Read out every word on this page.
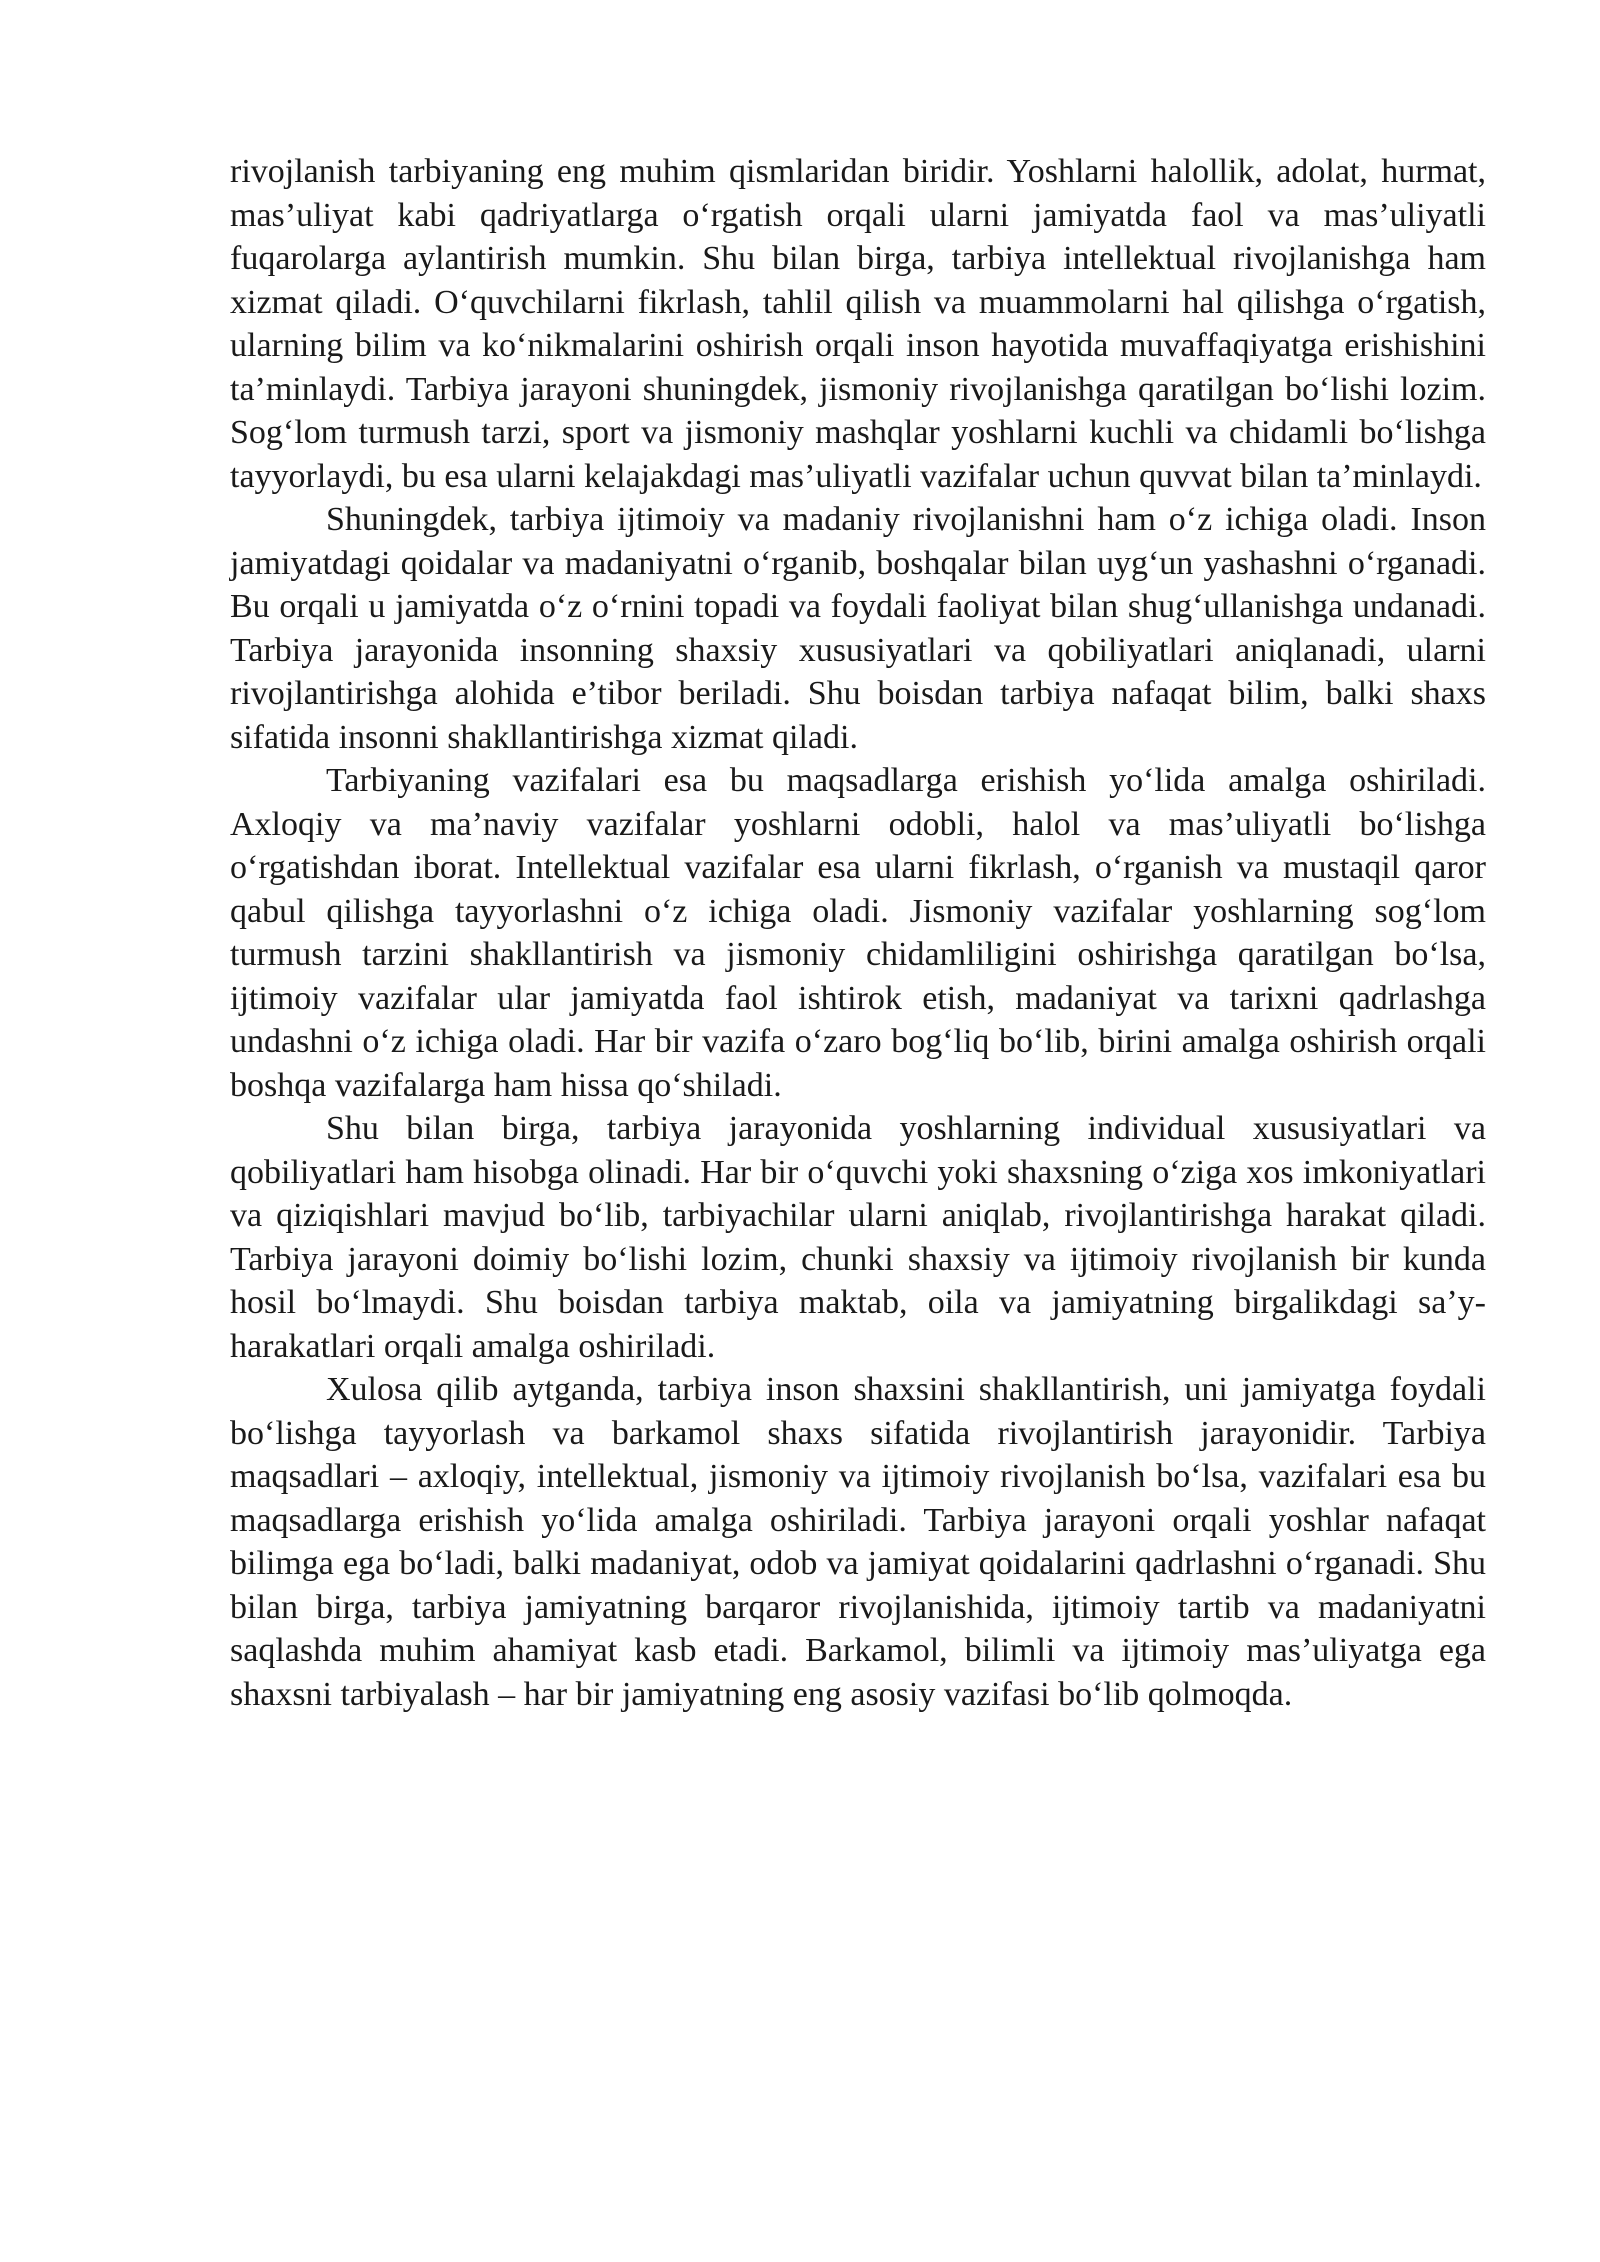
rivojlanish tarbiyaning eng muhim qismlaridan biridir. Yoshlarni halollik, adolat, hurmat, mas’uliyat kabi qadriyatlarga o‘rgatish orqali ularni jamiyatda faol va mas’uliyatli fuqarolarga aylantirish mumkin. Shu bilan birga, tarbiya intellektual rivojlanishga ham xizmat qiladi. O‘quvchilarni fikrlash, tahlil qilish va muammolarni hal qilishga o‘rgatish, ularning bilim va ko‘nikmalarini oshirish orqali inson hayotida muvaffaqiyatga erishishini ta’minlaydi. Tarbiya jarayoni shuningdek, jismoniy rivojlanishga qaratilgan bo‘lishi lozim. Sog‘lom turmush tarzi, sport va jismoniy mashqlar yoshlarni kuchli va chidamli bo‘lishga tayyorlaydi, bu esa ularni kelajakdagi mas’uliyatli vazifalar uchun quvvat bilan ta’minlaydi.

Shuningdek, tarbiya ijtimoiy va madaniy rivojlanishni ham o‘z ichiga oladi. Inson jamiyatdagi qoidalar va madaniyatni o‘rganib, boshqalar bilan uyg‘un yashashni o‘rganadi. Bu orqali u jamiyatda o‘z o‘rnini topadi va foydali faoliyat bilan shug‘ullanishga undanadi. Tarbiya jarayonida insonning shaxsiy xususiyatlari va qobiliyatlari aniqlanadi, ularni rivojlantirishga alohida e’tibor beriladi. Shu boisdan tarbiya nafaqat bilim, balki shaxs sifatida insonni shakllantirishga xizmat qiladi.

Tarbiyaning vazifalari esa bu maqsadlarga erishish yo‘lida amalga oshiriladi. Axloqiy va ma’naviy vazifalar yoshlarni odobli, halol va mas’uliyatli bo‘lishga o‘rgatishdan iborat. Intellektual vazifalar esa ularni fikrlash, o‘rganish va mustaqil qaror qabul qilishga tayyorlashni o‘z ichiga oladi. Jismoniy vazifalar yoshlarning sog‘lom turmush tarzini shakllantirish va jismoniy chidamliligini oshirishga qaratilgan bo‘lsa, ijtimoiy vazifalar ular jamiyatda faol ishtirok etish, madaniyat va tarixni qadrlashga undashni o‘z ichiga oladi. Har bir vazifa o‘zaro bog‘liq bo‘lib, birini amalga oshirish orqali boshqa vazifalarga ham hissa qo‘shiladi.

Shu bilan birga, tarbiya jarayonida yoshlarning individual xususiyatlari va qobiliyatlari ham hisobga olinadi. Har bir o‘quvchi yoki shaxsning o‘ziga xos imkoniyatlari va qiziqishlari mavjud bo‘lib, tarbiyachilar ularni aniqlab, rivojlantirishga harakat qiladi. Tarbiya jarayoni doimiy bo‘lishi lozim, chunki shaxsiy va ijtimoiy rivojlanish bir kunda hosil bo‘lmaydi. Shu boisdan tarbiya maktab, oila va jamiyatning birgalikdagi sa’y-harakatlari orqali amalga oshiriladi.

Xulosa qilib aytganda, tarbiya inson shaxsini shakllantirish, uni jamiyatga foydali bo‘lishga tayyorlash va barkamol shaxs sifatida rivojlantirish jarayonidir. Tarbiya maqsadlari – axloqiy, intellektual, jismoniy va ijtimoiy rivojlanish bo‘lsa, vazifalari esa bu maqsadlarga erishish yo‘lida amalga oshiriladi. Tarbiya jarayoni orqali yoshlar nafaqat bilimga ega bo‘ladi, balki madaniyat, odob va jamiyat qoidalarini qadrlashni o‘rganadi. Shu bilan birga, tarbiya jamiyatning barqaror rivojlanishida, ijtimoiy tartib va madaniyatni saqlashda muhim ahamiyat kasb etadi. Barkamol, bilimli va ijtimoiy mas’uliyatga ega shaxsni tarbiyalash – har bir jamiyatning eng asosiy vazifasi bo‘lib qolmoqda.
